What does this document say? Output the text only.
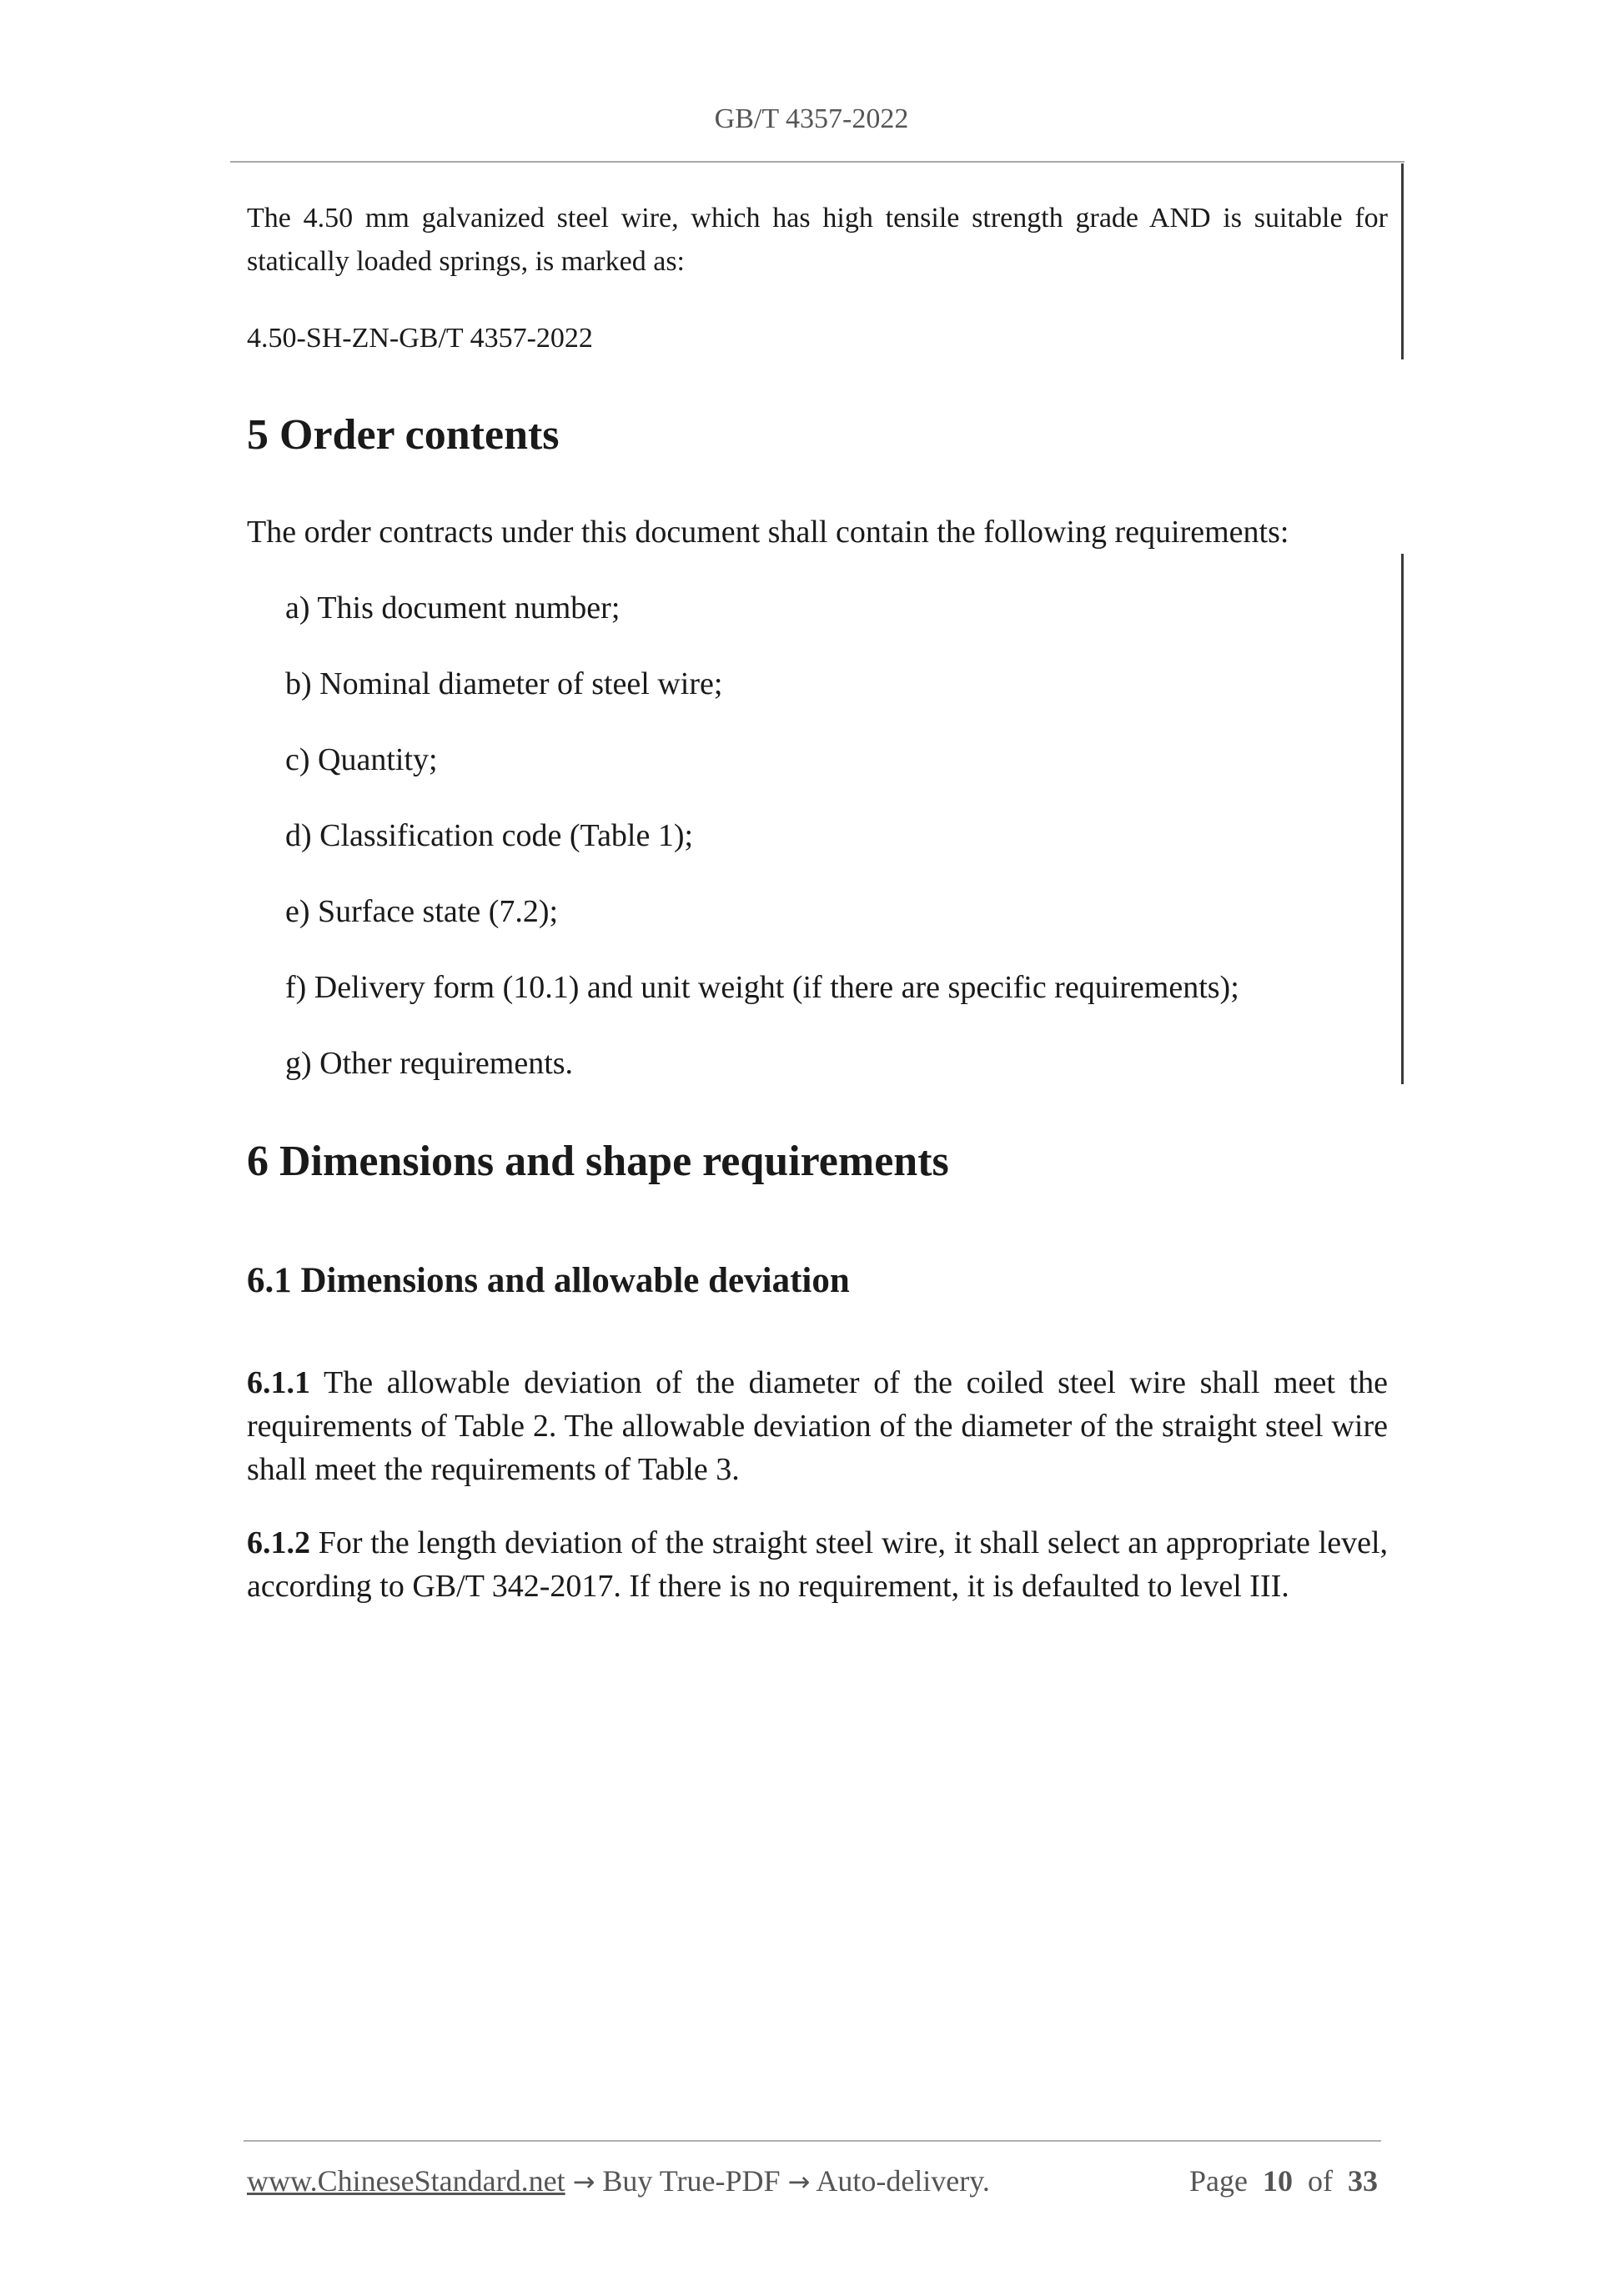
GB/T 4357-2022
The 4.50 mm galvanized steel wire, which has high tensile strength grade AND is suitable for statically loaded springs, is marked as:
4.50-SH-ZN-GB/T 4357-2022
5 Order contents
The order contracts under this document shall contain the following requirements:
a) This document number;
b) Nominal diameter of steel wire;
c) Quantity;
d) Classification code (Table 1);
e) Surface state (7.2);
f) Delivery form (10.1) and unit weight (if there are specific requirements);
g) Other requirements.
6 Dimensions and shape requirements
6.1 Dimensions and allowable deviation
6.1.1 The allowable deviation of the diameter of the coiled steel wire shall meet the requirements of Table 2. The allowable deviation of the diameter of the straight steel wire shall meet the requirements of Table 3.
6.1.2 For the length deviation of the straight steel wire, it shall select an appropriate level, according to GB/T 342-2017. If there is no requirement, it is defaulted to level III.
www.ChineseStandard.net → Buy True-PDF → Auto-delivery.	Page 10 of 33
